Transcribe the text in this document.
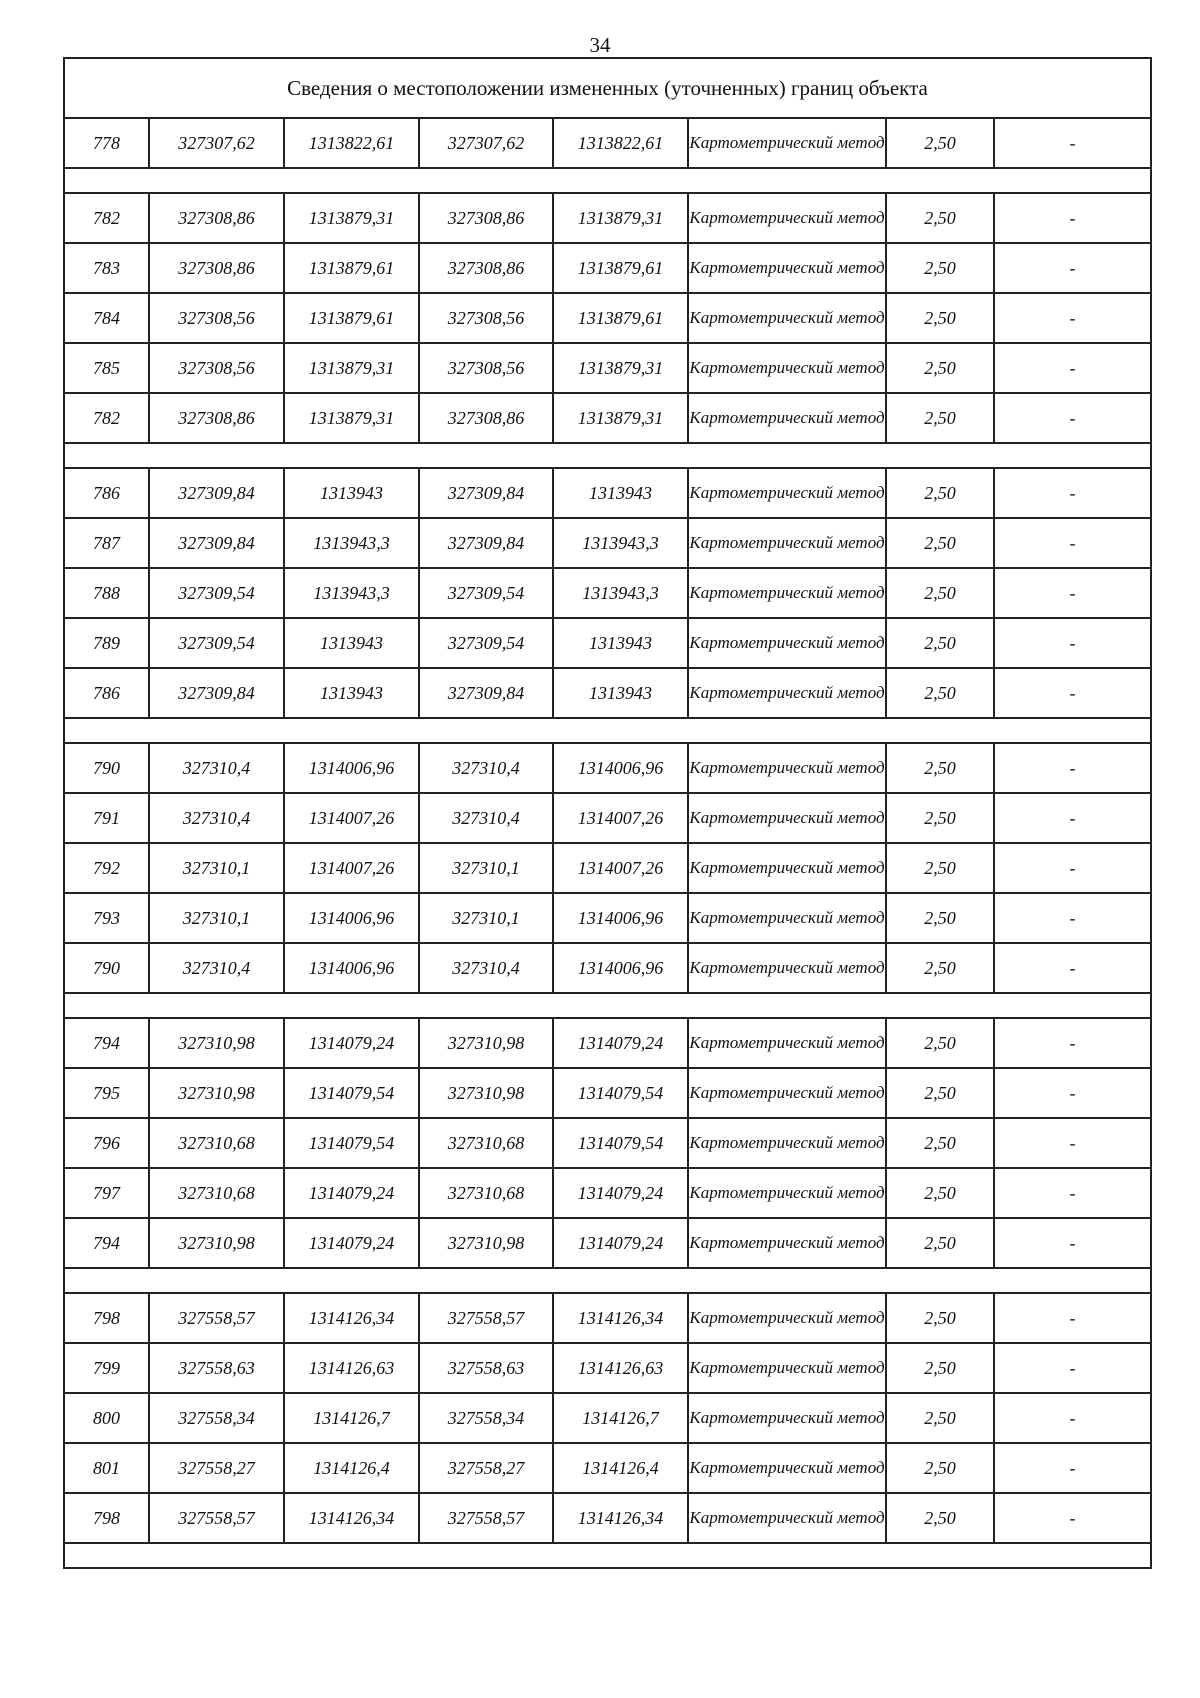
34
Сведения о местоположении измененных (уточненных) границ объекта							
778	327307,62	1313822,61	327307,62	1313822,61	Картометрический метод	2,50	-

782	327308,86	1313879,31	327308,86	1313879,31	Картометрический метод	2,50	-
783	327308,86	1313879,61	327308,86	1313879,61	Картометрический метод	2,50	-
784	327308,56	1313879,61	327308,56	1313879,61	Картометрический метод	2,50	-
785	327308,56	1313879,31	327308,56	1313879,31	Картометрический метод	2,50	-
782	327308,86	1313879,31	327308,86	1313879,31	Картометрический метод	2,50	-

786	327309,84	1313943	327309,84	1313943	Картометрический метод	2,50	-
787	327309,84	1313943,3	327309,84	1313943,3	Картометрический метод	2,50	-
788	327309,54	1313943,3	327309,54	1313943,3	Картометрический метод	2,50	-
789	327309,54	1313943	327309,54	1313943	Картометрический метод	2,50	-
786	327309,84	1313943	327309,84	1313943	Картометрический метод	2,50	-

790	327310,4	1314006,96	327310,4	1314006,96	Картометрический метод	2,50	-
791	327310,4	1314007,26	327310,4	1314007,26	Картометрический метод	2,50	-
792	327310,1	1314007,26	327310,1	1314007,26	Картометрический метод	2,50	-
793	327310,1	1314006,96	327310,1	1314006,96	Картометрический метод	2,50	-
790	327310,4	1314006,96	327310,4	1314006,96	Картометрический метод	2,50	-

794	327310,98	1314079,24	327310,98	1314079,24	Картометрический метод	2,50	-
795	327310,98	1314079,54	327310,98	1314079,54	Картометрический метод	2,50	-
796	327310,68	1314079,54	327310,68	1314079,54	Картометрический метод	2,50	-
797	327310,68	1314079,24	327310,68	1314079,24	Картометрический метод	2,50	-
794	327310,98	1314079,24	327310,98	1314079,24	Картометрический метод	2,50	-

798	327558,57	1314126,34	327558,57	1314126,34	Картометрический метод	2,50	-
799	327558,63	1314126,63	327558,63	1314126,63	Картометрический метод	2,50	-
800	327558,34	1314126,7	327558,34	1314126,7	Картометрический метод	2,50	-
801	327558,27	1314126,4	327558,27	1314126,4	Картометрический метод	2,50	-
798	327558,57	1314126,34	327558,57	1314126,34	Картометрический метод	2,50	-
